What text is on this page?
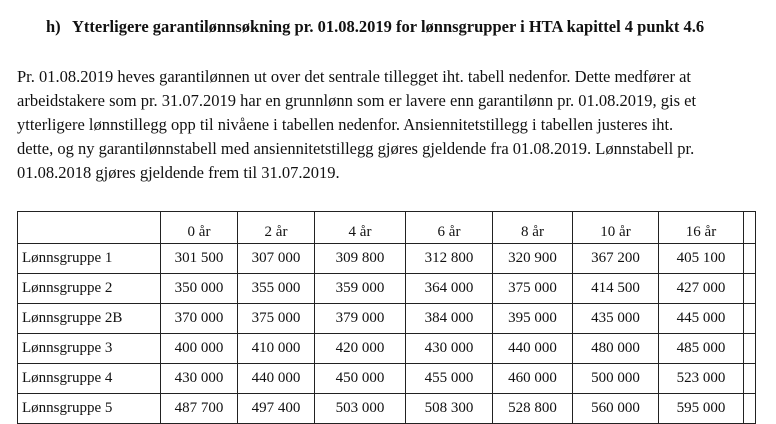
h) Ytterligere garantilønnsøkning pr. 01.08.2019 for lønnsgrupper i HTA kapittel 4 punkt 4.6
Pr. 01.08.2019 heves garantilønnen ut over det sentrale tillegget iht. tabell nedenfor. Dette medfører at
arbeidstakere som pr. 31.07.2019 har en grunnlønn som er lavere enn garantilønn pr. 01.08.2019, gis et
ytterligere lønnstillegg opp til nivåene i tabellen nedenfor. Ansiennitetstillegg i tabellen justeres iht.
dette, og ny garantilønnstabell med ansiennitetstillegg gjøres gjeldende fra 01.08.2019. Lønnstabell pr.
01.08.2018 gjøres gjeldende frem til 31.07.2019.
	0 år	2 år	4 år	6 år	8 år	10 år	16 år	
Lønnsgruppe 1	301 500	307 000	309 800	312 800	320 900	367 200	405 100	
Lønnsgruppe 2	350 000	355 000	359 000	364 000	375 000	414 500	427 000	
Lønnsgruppe 2B	370 000	375 000	379 000	384 000	395 000	435 000	445 000	
Lønnsgruppe 3	400 000	410 000	420 000	430 000	440 000	480 000	485 000	
Lønnsgruppe 4	430 000	440 000	450 000	455 000	460 000	500 000	523 000	
Lønnsgruppe 5	487 700	497 400	503 000	508 300	528 800	560 000	595 000	
